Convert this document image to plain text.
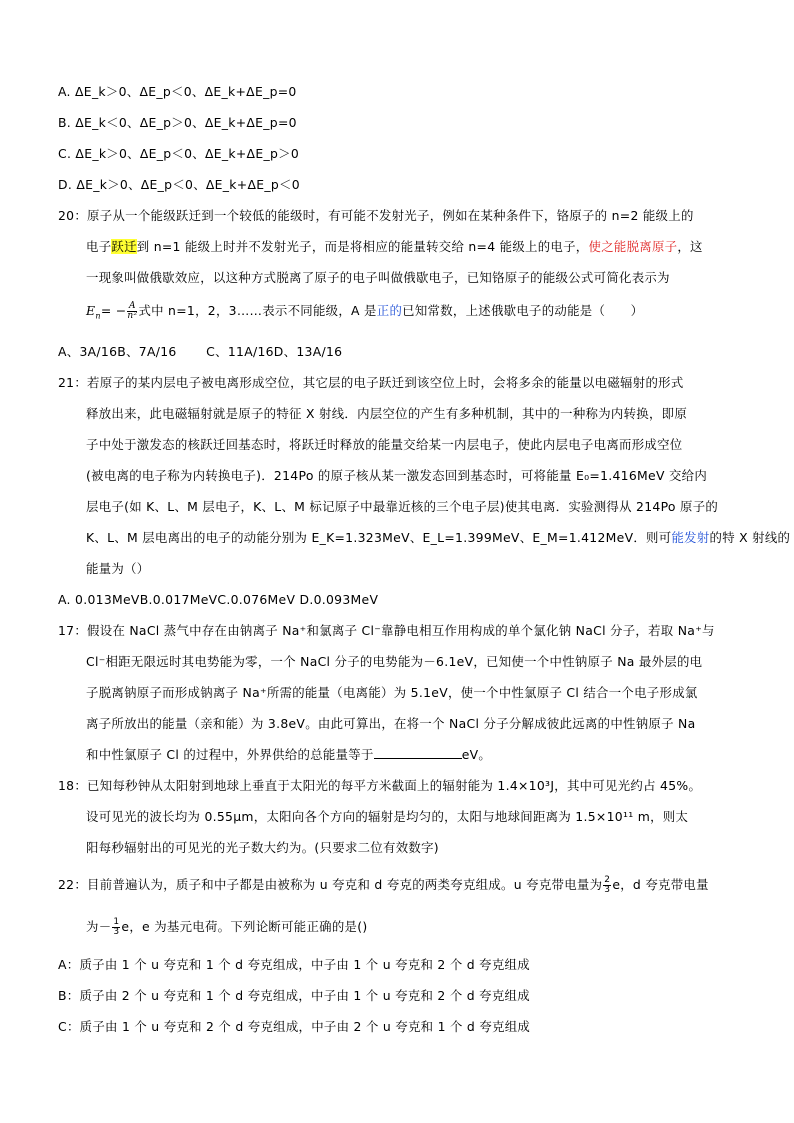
A. ΔE_k＞0、ΔE_p＜0、ΔE_k+ΔE_p=0
B. ΔE_k＜0、ΔE_p＞0、ΔE_k+ΔE_p=0
C. ΔE_k＞0、ΔE_p＜0、ΔE_k+ΔE_p＞0
D. ΔE_k＞0、ΔE_p＜0、ΔE_k+ΔE_p＜0
20：原子从一个能级跃迁到一个较低的能级时，有可能不发射光子，例如在某种条件下，铬原子的 n=2 能级上的
电子跃迁到 n=1 能级上时并不发射光子，而是将相应的能量转交给 n=4 能级上的电子，使之能脱离原子，这
一现象叫做俄歇效应，以这种方式脱离了原子的电子叫做俄歇电子，已知铬原子的能级公式可简化表示为
$E_n= - \frac{A}{\text{n²}}$ 式中 n=1，2，3……表示不同能级，A 是正的已知常数，上述俄歇电子的动能是（　　）
A、3A/16B、7A/16　　 C、11A/16D、13A/16
21：若原子的某内层电子被电离形成空位，其它层的电子跃迁到该空位上时，会将多余的能量以电磁辐射的形式
释放出来，此电磁辐射就是原子的特征 X 射线．内层空位的产生有多种机制，其中的一种称为内转换，即原
子中处于激发态的核跃迁回基态时，将跃迁时释放的能量交给某一内层电子，使此内层电子电离而形成空位
(被电离的电子称为内转换电子)．214Po 的原子核从某一激发态回到基态时，可将能量 E₀=1.416MeV 交给内
层电子(如 K、L、M 层电子，K、L、M 标记原子中最靠近核的三个电子层)使其电离．实验测得从 214Po 原子的
K、L、M 层电离出的电子的动能分别为 E_K=1.323MeV、E_L=1.399MeV、E_M=1.412MeV．则可能发射的特 X 射线的
能量为（）
A. 0.013MeVB.0.017MeVC.0.076MeV D.0.093MeV
17：假设在 NaCl 蒸气中存在由钠离子 Na⁺和氯离子 Cl⁻靠静电相互作用构成的单个氯化钠 NaCl 分子，若取 Na⁺与
Cl⁻相距无限远时其电势能为零，一个 NaCl 分子的电势能为－6.1eV，已知使一个中性钠原子 Na 最外层的电
子脱离钠原子而形成钠离子 Na⁺所需的能量（电离能）为 5.1eV，使一个中性氯原子 Cl 结合一个电子形成氯
离子所放出的能量（亲和能）为 3.8eV。由此可算出，在将一个 NaCl 分子分解成彼此远离的中性钠原子 Na
和中性氯原子 Cl 的过程中，外界供给的总能量等于	eV。
18：已知每秒钟从太阳射到地球上垂直于太阳光的每平方米截面上的辐射能为 1.4×10³J，其中可见光约占 45%。
设可见光的波长均为 0.55μm，太阳向各个方向的辐射是均匀的，太阳与地球间距离为 1.5×10¹¹ m，则太
阳每秒辐射出的可见光的光子数大约为。(只要求二位有效数字)
22：目前普遍认为，质子和中子都是由被称为 u 夸克和 d 夸克的两类夸克组成。u 夸克带电量为 $\frac{2}{3}$ e，d 夸克带电量
为－ $\frac{1}{3}$ e，e 为基元电荷。下列论断可能正确的是()
A：质子由 1 个 u 夸克和 1 个 d 夸克组成，中子由 1 个 u 夸克和 2 个 d 夸克组成
B：质子由 2 个 u 夸克和 1 个 d 夸克组成，中子由 1 个 u 夸克和 2 个 d 夸克组成
C：质子由 1 个 u 夸克和 2 个 d 夸克组成，中子由 2 个 u 夸克和 1 个 d 夸克组成
